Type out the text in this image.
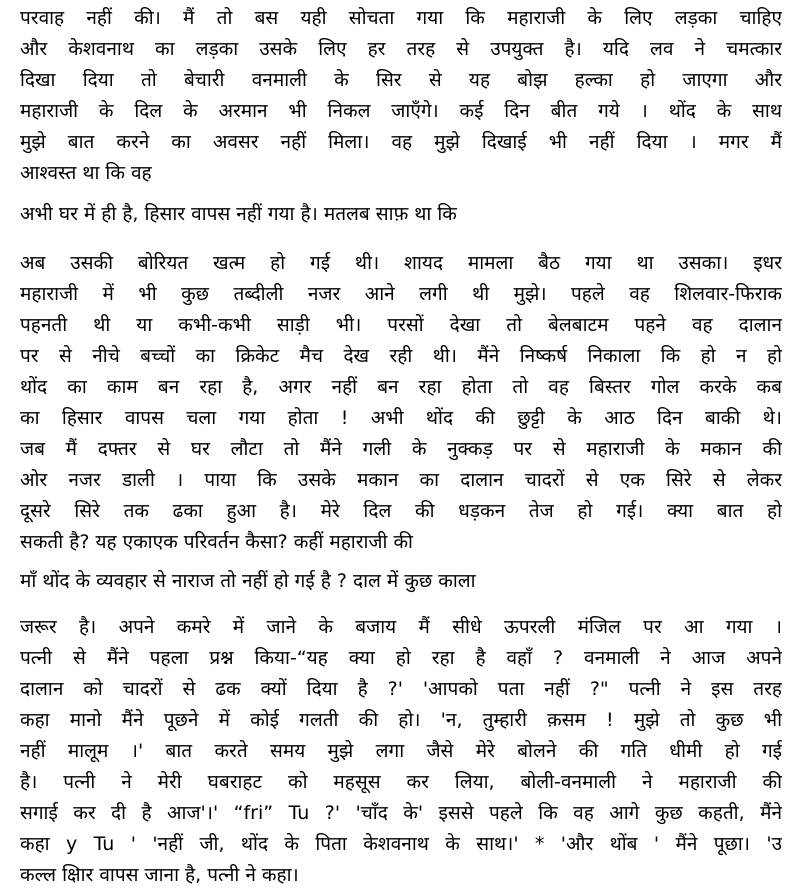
परवाह नहीं की। मैं तो बस यही सोचता गया कि महाराजी के लिए लड़का चाहिए
और केशवनाथ का लड़का उसके लिए हर तरह से उपयुक्त है। यदि लव ने चमत्कार
दिखा दिया तो बेचारी वनमाली के सिर से यह बोझ हल्का हो जाएगा और
महाराजी के दिल के अरमान भी निकल जाएँगे। कई दिन बीत गये । थोंद के साथ
मुझे बात करने का अवसर नहीं मिला। वह मुझे दिखाई भी नहीं दिया । मगर मैं
आश्वस्त था कि वह
अभी घर में ही है, हिसार वापस नहीं गया है। मतलब साफ़ था कि
अब उसकी बोरियत खत्म हो गई थी। शायद मामला बैठ गया था उसका। इधर
महाराजी में भी कुछ तब्दीली नजर आने लगी थी मुझे। पहले वह शिलवार-फिराक
पहनती थी या कभी-कभी साड़ी भी। परसों देखा तो बेलबाटम पहने वह दालान
पर से नीचे बच्चों का क्रिकेट मैच देख रही थी। मैंने निष्कर्ष निकाला कि हो न हो
थोंद का काम बन रहा है, अगर नहीं बन रहा होता तो वह बिस्तर गोल करके कब
का हिसार वापस चला गया होता ! अभी थोंद की छुट्टी के आठ दिन बाकी थे।
जब मैं दफ्तर से घर लौटा तो मैंने गली के नुक्कड़ पर से महाराजी के मकान की
ओर नजर डाली । पाया कि उसके मकान का दालान चादरों से एक सिरे से लेकर
दूसरे सिरे तक ढका हुआ है। मेरे दिल की धड़कन तेज हो गई। क्या बात हो
सकती है? यह एकाएक परिवर्तन कैसा? कहीं महाराजी की
माँ थोंद के व्यवहार से नाराज तो नहीं हो गई है ? दाल में कुछ काला
जरूर है। अपने कमरे में जाने के बजाय मैं सीधे ऊपरली मंजिल पर आ गया ।
पत्नी से मैंने पहला प्रश्न किया-“यह क्या हो रहा है वहाँ ? वनमाली ने आज अपने
दालान को चादरों से ढक क्यों दिया है ?' 'आपको पता नहीं ?" पत्नी ने इस तरह
कहा मानो मैंने पूछने में कोई गलती की हो। 'न, तुम्हारी क़सम ! मुझे तो कुछ भी
नहीं मालूम ।' बात करते समय मुझे लगा जैसे मेरे बोलने की गति धीमी हो गई
है। पत्नी ने मेरी घबराहट को महसूस कर लिया, बोली-वनमाली ने महाराजी की
सगाई कर दी है आज'।' “fri” Tu ?' 'चाँद के' इससे पहले कि वह आगे कुछ कहती, मैंने
कहा y Tu ' 'नहीं जी, थोंद के पिता केशवनाथ के साथ।' * 'और थोंब ' मैंने पूछा। 'उ
कल्ल क्षिार वापस जाना है, पत्नी ने कहा।
